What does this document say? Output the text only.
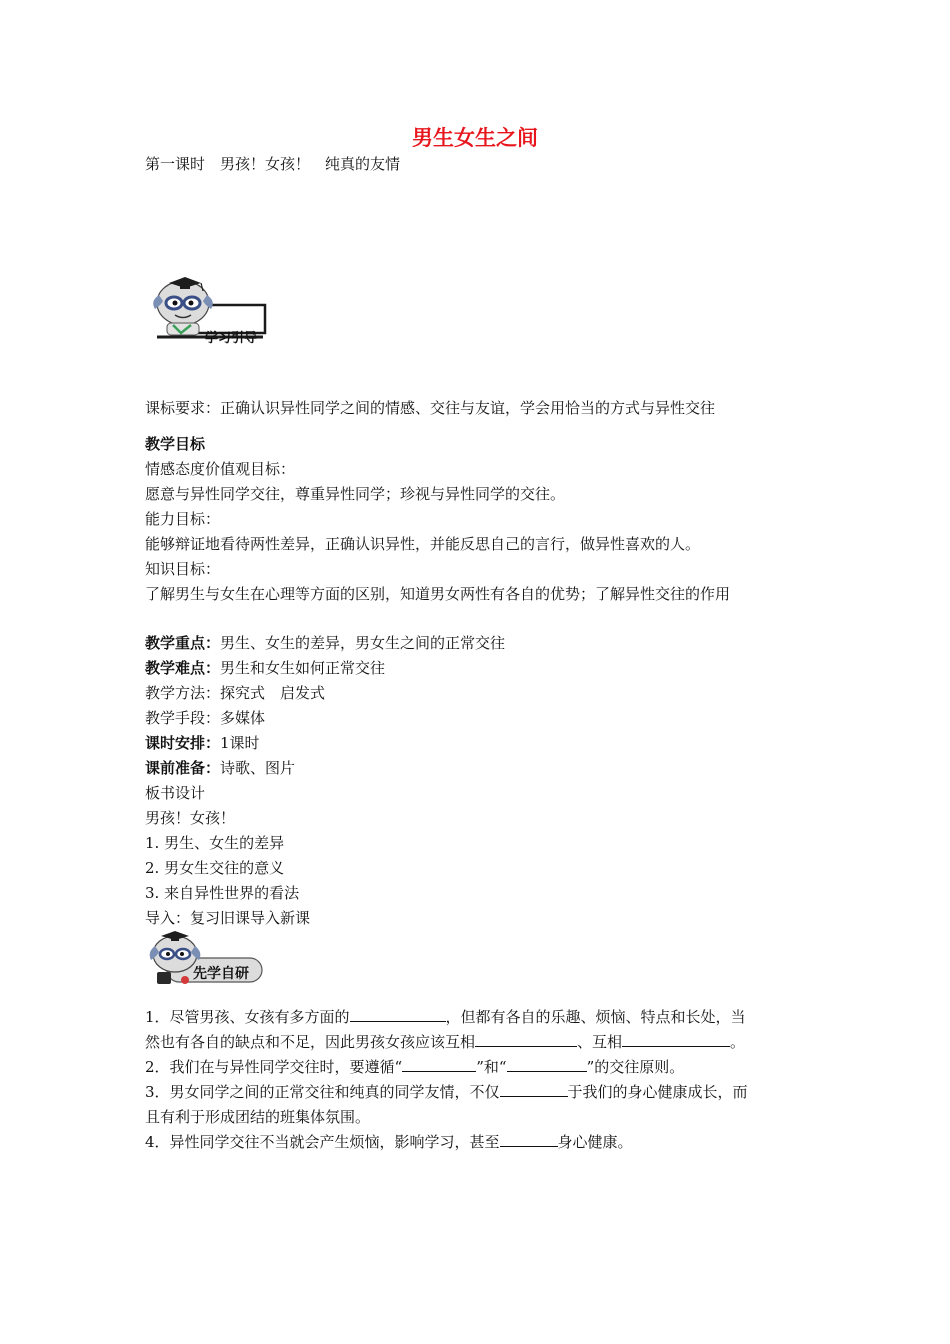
男生女生之间
第一课时　男孩！女孩！　纯真的友情
学习引导
课标要求：正确认识异性同学之间的情感、交往与友谊，学会用恰当的方式与异性交往
教学目标
情感态度价值观目标：
愿意与异性同学交往，尊重异性同学；珍视与异性同学的交往。
能力目标：
能够辩证地看待两性差异，正确认识异性，并能反思自己的言行，做异性喜欢的人。
知识目标：
了解男生与女生在心理等方面的区别，知道男女两性有各自的优势；了解异性交往的作用
教学重点：男生、女生的差异，男女生之间的正常交往
教学难点：男生和女生如何正常交往
教学方法：探究式　启发式
教学手段：多媒体
课时安排：1课时
课前准备：诗歌、图片
板书设计
男孩！女孩！
1. 男生、女生的差异
2. 男女生交往的意义
3. 来自异性世界的看法
导入：复习旧课导入新课
先学自研
1．尽管男孩、女孩有多方面的	，但都有各自的乐趣、烦恼、特点和长处，当
然也有各自的缺点和不足，因此男孩女孩应该互相	、互相	。
2．我们在与异性同学交往时，要遵循“	”和“	”的交往原则。
3．男女同学之间的正常交往和纯真的同学友情，不仅	于我们的身心健康成长，而
且有利于形成团结的班集体氛围。
4．异性同学交往不当就会产生烦恼，影响学习，甚至	身心健康。
